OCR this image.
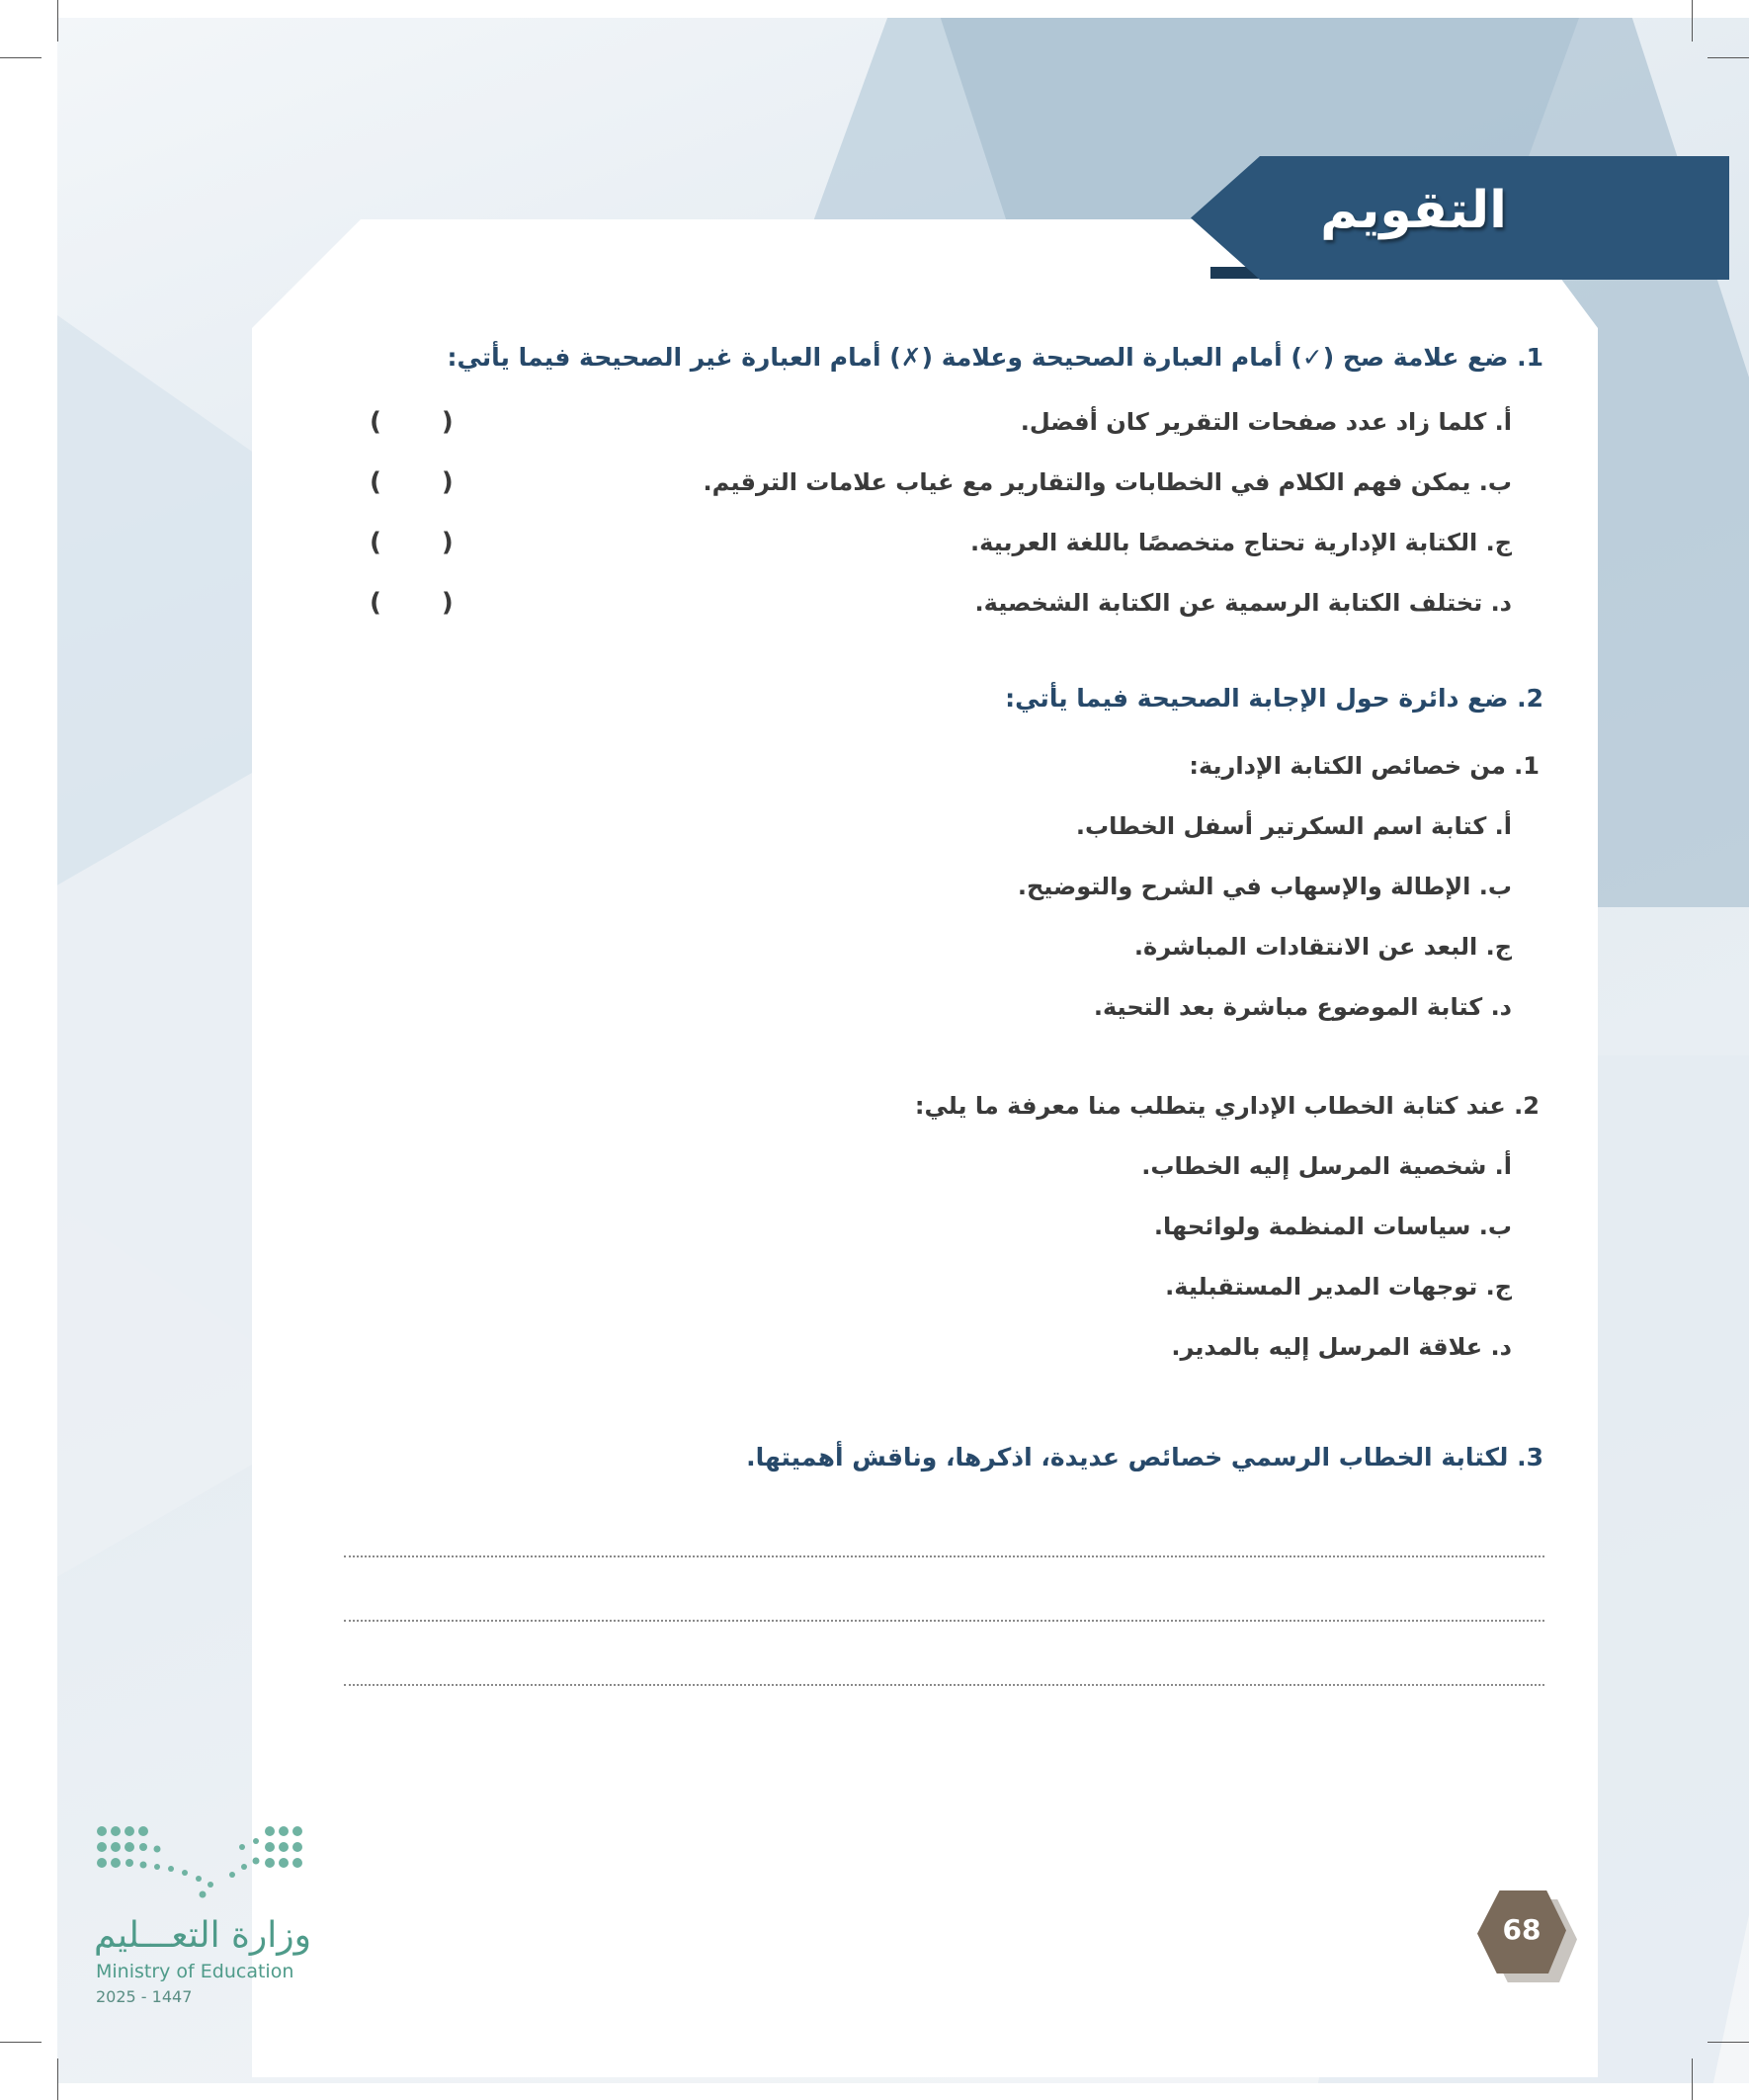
التقويم
1. ضع علامة صح (✓) أمام العبارة الصحيحة وعلامة (✗) أمام العبارة غير الصحيحة فيما يأتي:
أ. كلما زاد عدد صفحات التقرير كان أفضل.
ب. يمكن فهم الكلام في الخطابات والتقارير مع غياب علامات الترقيم.
ج. الكتابة الإدارية تحتاج متخصصًا باللغة العربية.
د. تختلف الكتابة الرسمية عن الكتابة الشخصية.
( )
( )
( )
( )
2. ضع دائرة حول الإجابة الصحيحة فيما يأتي:
1. من خصائص الكتابة الإدارية:
أ. كتابة اسم السكرتير أسفل الخطاب.
ب. الإطالة والإسهاب في الشرح والتوضيح.
ج. البعد عن الانتقادات المباشرة.
د. كتابة الموضوع مباشرة بعد التحية.
2. عند كتابة الخطاب الإداري يتطلب منا معرفة ما يلي:
أ. شخصية المرسل إليه الخطاب.
ب. سياسات المنظمة ولوائحها.
ج. توجهات المدير المستقبلية.
د. علاقة المرسل إليه بالمدير.
3. لكتابة الخطاب الرسمي خصائص عديدة، اذكرها، وناقش أهميتها.
68
وزارة التعـــليم
Ministry of Education
2025 - 1447
